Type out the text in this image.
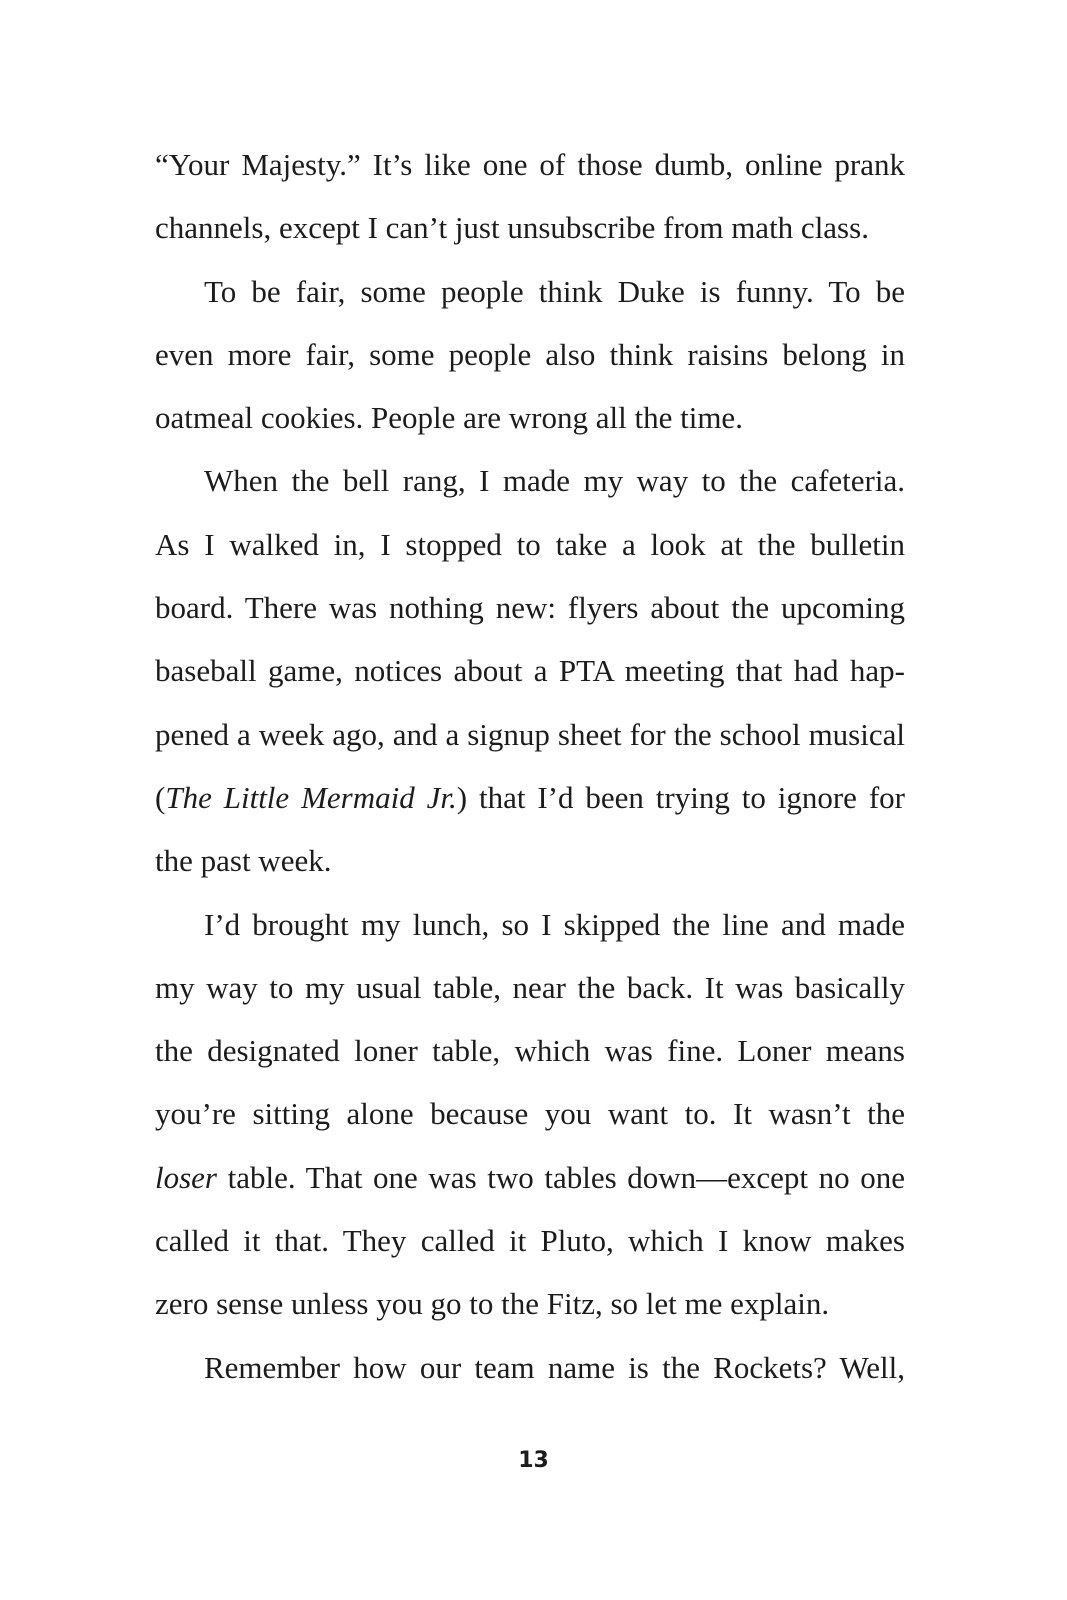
“Your Majesty.” It’s like one of those dumb, online prank
channels, except I can’t just unsubscribe from math class.
To be fair, some people think Duke is funny. To be
even more fair, some people also think raisins belong in
oatmeal cookies. People are wrong all the time.
When the bell rang, I made my way to the cafeteria.
As I walked in, I stopped to take a look at the bulletin
board. There was nothing new: flyers about the upcoming
baseball game, notices about a PTA meeting that had hap-
pened a week ago, and a signup sheet for the school musical
(The Little Mermaid Jr.) that I’d been trying to ignore for
the past week.
I’d brought my lunch, so I skipped the line and made
my way to my usual table, near the back. It was basically
the designated loner table, which was fine. Loner means
you’re sitting alone because you want to. It wasn’t the
loser table. That one was two tables down—except no one
called it that. They called it Pluto, which I know makes
zero sense unless you go to the Fitz, so let me explain.
Remember how our team name is the Rockets? Well,
13
